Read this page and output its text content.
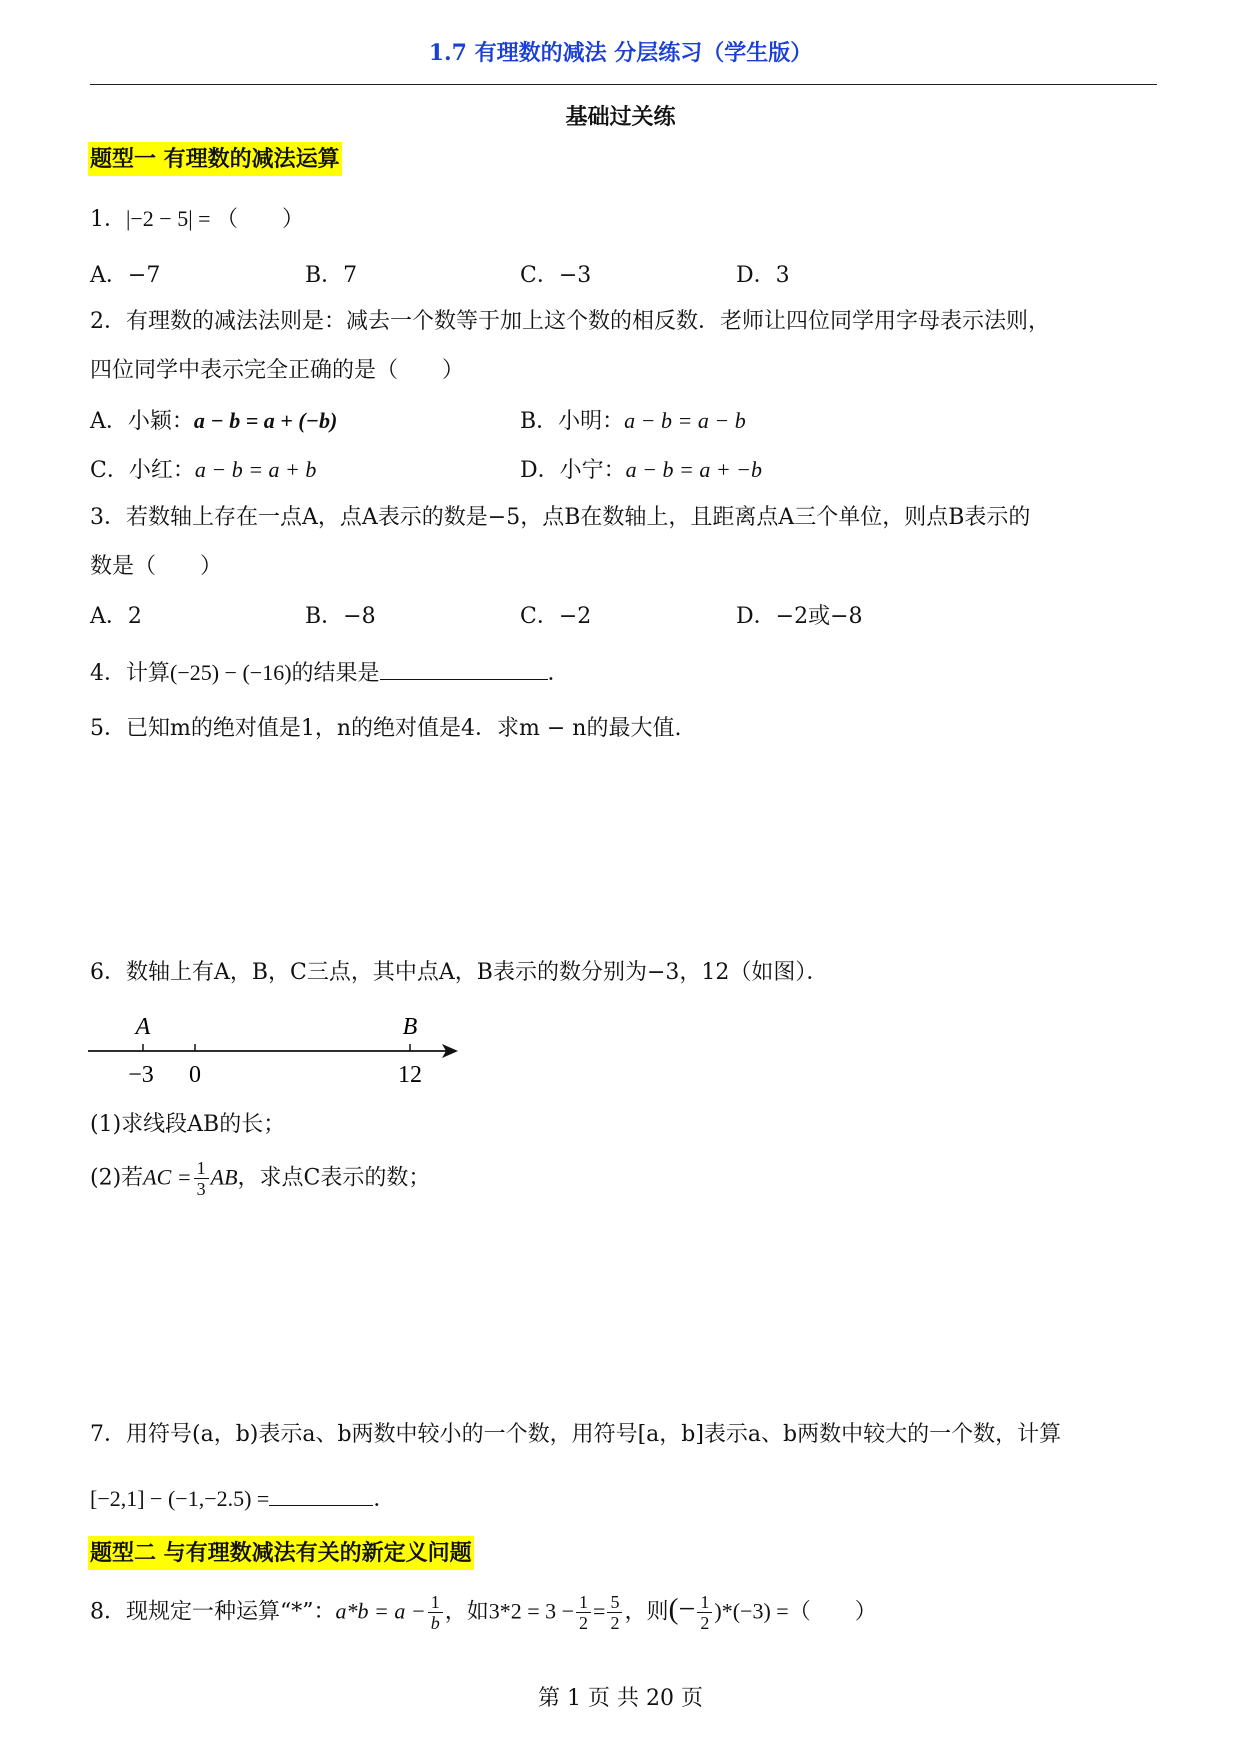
1.7 有理数的减法 分层练习（学生版）
基础过关练
题型一 有理数的减法运算
1．|−2 − 5| = （　　）
A．−7	B．7	C．−3	D．3
2．有理数的减法法则是：减去一个数等于加上这个数的相反数．老师让四位同学用字母表示法则，
四位同学中表示完全正确的是（　　）
A．小颖：a − b = a + (−b)	B．小明：a − b = a − b
C．小红：a − b = a + b	D．小宁：a − b = a + −b
3．若数轴上存在一点A，点A表示的数是−5，点B在数轴上，且距离点A三个单位，则点B表示的
数是（　　）
A．2	B．−8	C．−2	D．−2或−8
4．计算(−25) − (−16)的结果是	．
5．已知m的绝对值是1，n的绝对值是4．求m − n的最大值.
6．数轴上有A，B，C三点，其中点A，B表示的数分别为−3，12（如图）．
A	B
−3 0	12
(1)求线段AB的长；
(2)若AC = $\frac{1}{3}$ AB，求点C表示的数；
7．用符号(a，b)表示a、b两数中较小的一个数，用符号[a，b]表示a、b两数中较大的一个数，计算
[−2,1] − (−1,−2.5) =	．
题型二 与有理数减法有关的新定义问题
8．现规定一种运算“*”：$a*b = a - \frac{1}{b}$ ，如$3*2 = 3 - \frac{1}{2} = \frac{5}{2}$ ，则(− $\frac{1}{2} )*(-3)$ =（　　）
第 1 页 共 20 页
